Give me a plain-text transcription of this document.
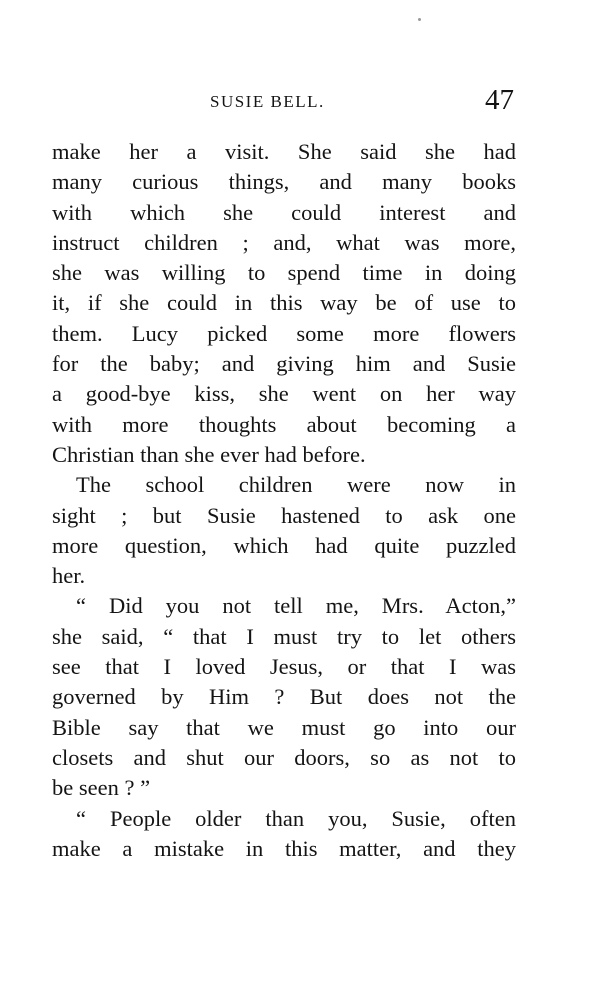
SUSIE BELL.	47
make her a visit. She said she had
many curious things, and many books
with which she could interest and
instruct children ; and, what was more,
she was willing to spend time in doing
it, if she could in this way be of use to
them. Lucy picked some more flowers
for the baby; and giving him and Susie
a good-bye kiss, she went on her way
with more thoughts about becoming a
Christian than she ever had before.
The school children were now in
sight ; but Susie hastened to ask one
more question, which had quite puzzled
her.
“ Did you not tell me, Mrs. Acton,”
she said, “ that I must try to let others
see that I loved Jesus, or that I was
governed by Him ? But does not the
Bible say that we must go into our
closets and shut our doors, so as not to
be seen ? ”
“ People older than you, Susie, often
make a mistake in this matter, and they
